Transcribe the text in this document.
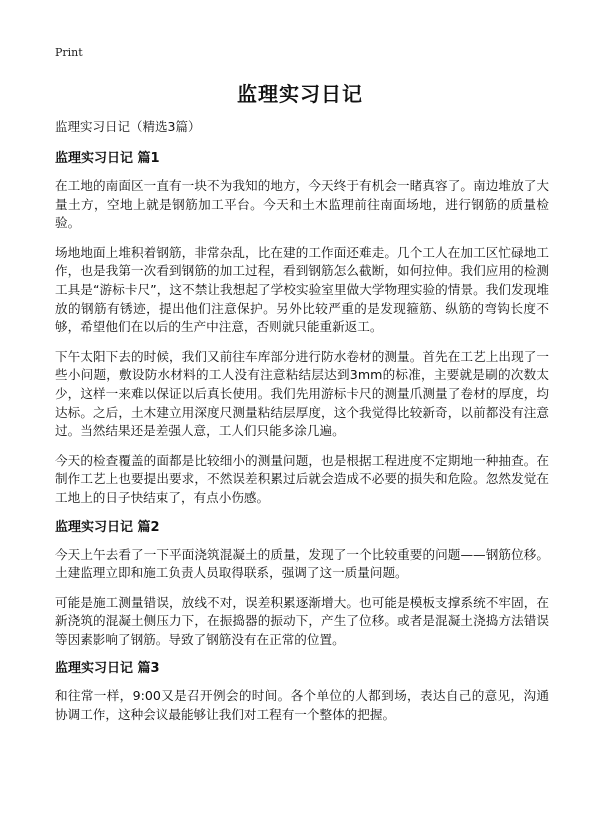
Print
监理实习日记

监理实习日记（精选3篇）

监理实习日记 篇1

在工地的南面区一直有一块不为我知的地方，今天终于有机会一睹真容了。南边堆放了大量土方，空地上就是钢筋加工平台。今天和土木监理前往南面场地，进行钢筋的质量检验。

场地地面上堆积着钢筋，非常杂乱，比在建的工作面还难走。几个工人在加工区忙碌地工作，也是我第一次看到钢筋的加工过程，看到钢筋怎么截断，如何拉伸。我们应用的检测工具是“游标卡尺”，这不禁让我想起了学校实验室里做大学物理实验的情景。我们发现堆放的钢筋有锈迹，提出他们注意保护。另外比较严重的是发现箍筋、纵筋的弯钩长度不够，希望他们在以后的生产中注意，否则就只能重新返工。

下午太阳下去的时候，我们又前往车库部分进行防水卷材的测量。首先在工艺上出现了一些小问题，敷设防水材料的工人没有注意粘结层达到3mm的标准，主要就是刷的次数太少，这样一来难以保证以后真长使用。我们先用游标卡尺的测量爪测量了卷材的厚度，均达标。之后，土木建立用深度尺测量粘结层厚度，这个我觉得比较新奇，以前都没有注意过。当然结果还是差强人意，工人们只能多涂几遍。

今天的检查覆盖的面都是比较细小的测量问题，也是根据工程进度不定期地一种抽查。在制作工艺上也要提出要求，不然误差积累过后就会造成不必要的损失和危险。忽然发觉在工地上的日子快结束了，有点小伤感。

监理实习日记 篇2

今天上午去看了一下平面浇筑混凝土的质量，发现了一个比较重要的问题——钢筋位移。土建监理立即和施工负责人员取得联系，强调了这一质量问题。

可能是施工测量错误，放线不对，误差积累逐渐增大。也可能是模板支撑系统不牢固，在新浇筑的混凝土侧压力下，在振捣器的振动下，产生了位移。或者是混凝土浇捣方法错误等因素影响了钢筋。导致了钢筋没有在正常的位置。

监理实习日记 篇3

和往常一样，9:00又是召开例会的时间。各个单位的人都到场，表达自己的意见，沟通协调工作，这种会议最能够让我们对工程有一个整体的把握。
